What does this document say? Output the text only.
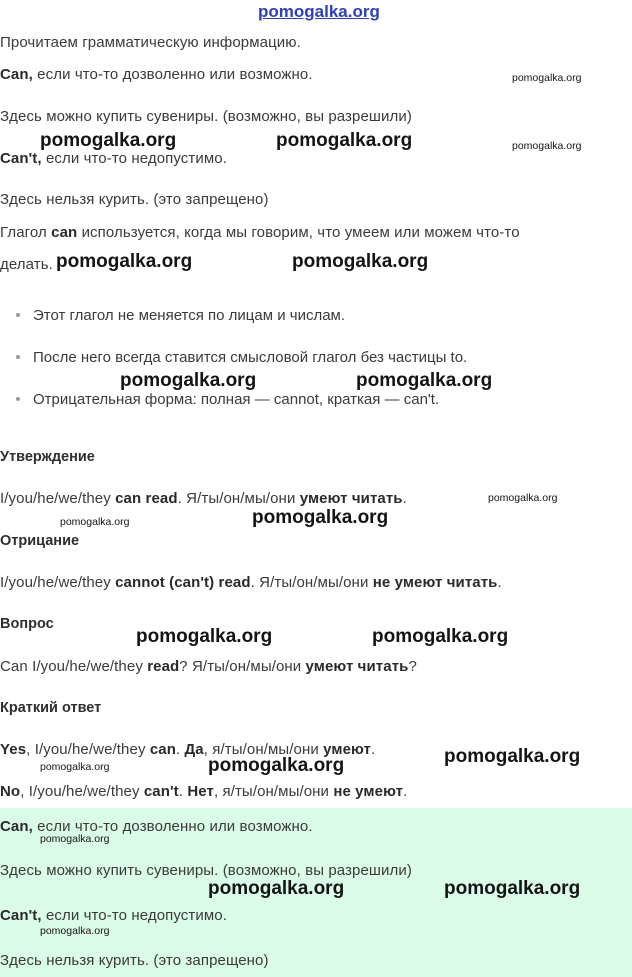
pomogalka.org
Прочитаем грамматическую информацию.
Can, если что-то дозволенно или возможно.
Здесь можно купить сувениры. (возможно, вы разрешили)
Can't, если что-то недопустимо.
Здесь нельзя курить. (это запрещено)
Глагол can используется, когда мы говорим, что умеем или можем что-то
делать.
Этот глагол не меняется по лицам и числам.
После него всегда ставится смысловой глагол без частицы to.
Отрицательная форма: полная — cannot, краткая — can't.
Утверждение
I/you/he/we/they can read. Я/ты/он/мы/они умеют читать.
Отрицание
I/you/he/we/they cannot (can't) read. Я/ты/он/мы/они не умеют читать.
Вопрос
Can I/you/he/we/they read? Я/ты/он/мы/они умеют читать?
Краткий ответ
Yes, I/you/he/we/they can. Да, я/ты/он/мы/они умеют.
No, I/you/he/we/they can't. Нет, я/ты/он/мы/они не умеют.
Can, если что-то дозволенно или возможно.
Здесь можно купить сувениры. (возможно, вы разрешили)
Can't, если что-то недопустимо.
Здесь нельзя курить. (это запрещено)
pomogalka.org
pomogalka.org	pomogalka.org	pomogalka.org
pomogalka.org	pomogalka.org
pomogalka.org	pomogalka.org
pomogalka.org
pomogalka.org	pomogalka.org
pomogalka.org	pomogalka.org
pomogalka.org
pomogalka.org	pomogalka.org
pomogalka.org
pomogalka.org	pomogalka.org
pomogalka.org
